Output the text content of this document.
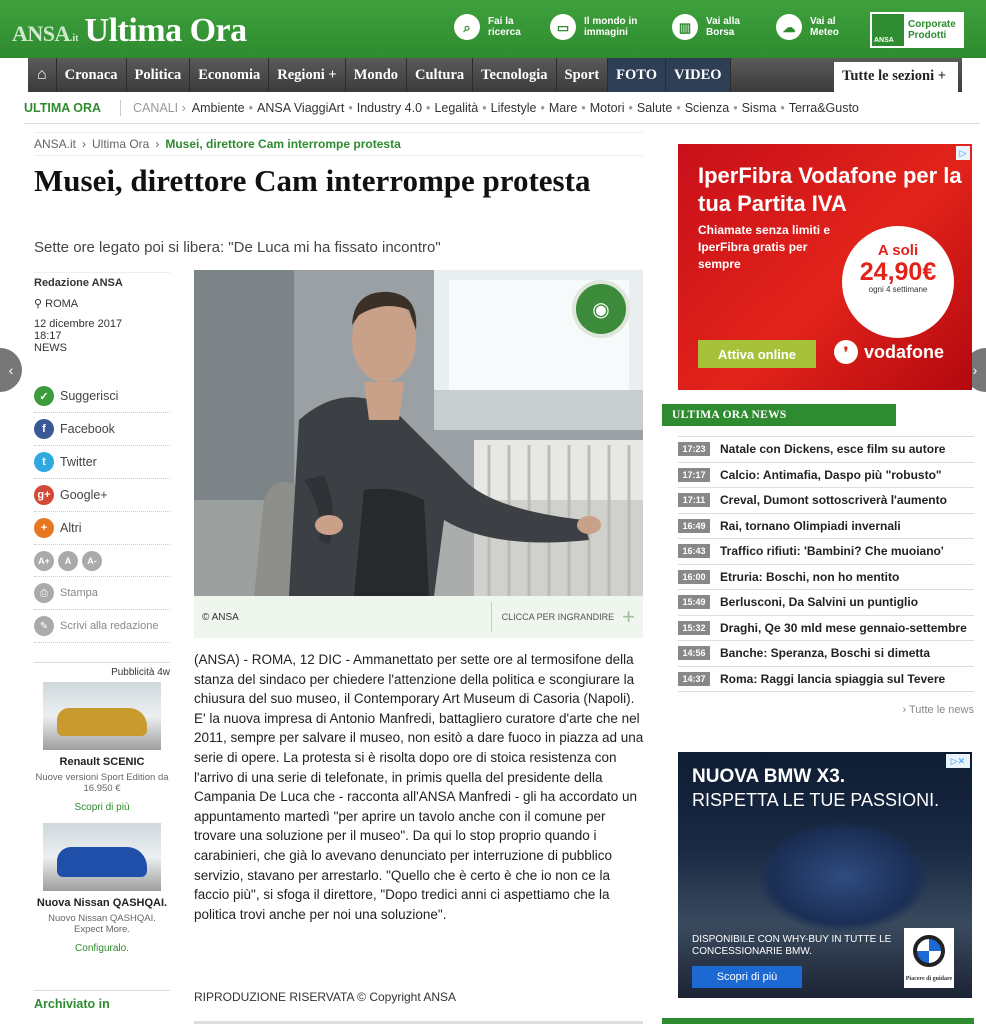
‹	›
ANSA .it Ultima Ora	⌕	Fai la
ricerca	▭	Il mondo in
immagini	▥	Vai alla
Borsa	☁	Vai al
Meteo
ANSA
Corporate
Prodotti
⌂	Cronaca	Politica	Economia	Regioni +	Mondo	Cultura	Tecnologia	Sport	FOTO	VIDEO	Tutte le sezioni +
ULTIMA ORA	CANALI › Ambiente • ANSA ViaggiArt • Industry 4.0 • Legalità • Lifestyle • Mare • Motori • Salute • Scienza • Sisma • Terra&Gusto
ANSA.it › Ultima Ora › Musei, direttore Cam interrompe protesta
Musei, direttore Cam interrompe protesta
Sette ore legato poi si libera: "De Luca mi ha fissato incontro"
Redazione ANSA
⚲ ROMA
12 dicembre 2017
18:17
NEWS
✓ Suggerisci
f	Facebook
t	Twitter
g+ Google+
+	Altri
A+	A	A-
⎙	Stampa
✎	Scrivi alla redazione
Pubblicità 4w
Renault SCENIC
Nuove versioni Sport Edition da 16.950 €
Scopri di più
Nuova Nissan QASHQAI.
Nuovo Nissan QASHQAI. Expect More.
Configuralo.
Archiviato in
◉
© ANSA	CLICCA PER INGRANDIRE +
(ANSA) - ROMA, 12 DIC - Ammanettato per sette ore al termosifone della stanza del sindaco per chiedere l'attenzione della politica e scongiurare la chiusura del suo museo, il Contemporary Art Museum di Casoria (Napoli). E' la nuova impresa di Antonio Manfredi, battagliero curatore d'arte che nel 2011, sempre per salvare il museo, non esitò a dare fuoco in piazza ad una serie di opere. La protesta si è risolta dopo ore di stoica resistenza con l'arrivo di una serie di telefonate, in primis quella del presidente della Campania De Luca che - racconta all'ANSA Manfredi - gli ha accordato un appuntamento martedì "per aprire un tavolo anche con il comune per trovare una soluzione per il museo". Da qui lo stop proprio quando i carabinieri, che già lo avevano denunciato per interruzione di pubblico servizio, stavano per arrestarlo. "Quello che è certo è che io non ce la faccio più", si sfoga il direttore, "Dopo tredici anni ci aspettiamo che la politica trovi anche per noi una soluzione".
RIPRODUZIONE RISERVATA © Copyright ANSA
▷
IperFibra Vodafone per la tua Partita IVA
Chiamate senza limiti e IperFibra gratis per sempre
A soli
24,90€
ogni 4 settimane
Attiva online	❜ vodafone
ULTIMA ORA NEWS
17:23	Natale con Dickens, esce film su autore
17:17	Calcio: Antimafia, Daspo più "robusto"
17:11	Creval, Dumont sottoscriverà l'aumento
16:49	Rai, tornano Olimpiadi invernali
16:43	Traffico rifiuti: 'Bambini? Che muoiano'
16:00	Etruria: Boschi, non ho mentito
15:49	Berlusconi, Da Salvini un puntiglio
15:32	Draghi, Qe 30 mld mese gennaio-settembre
14:56	Banche: Speranza, Boschi si dimetta
14:37	Roma: Raggi lancia spiaggia sul Tevere
› Tutte le news
▷✕
NUOVA BMW X3.
RISPETTA LE TUE PASSIONI.
DISPONIBILE CON WHY-BUY IN TUTTE LE CONCESSIONARIE BMW.
Scopri di più	Piacere di guidare
